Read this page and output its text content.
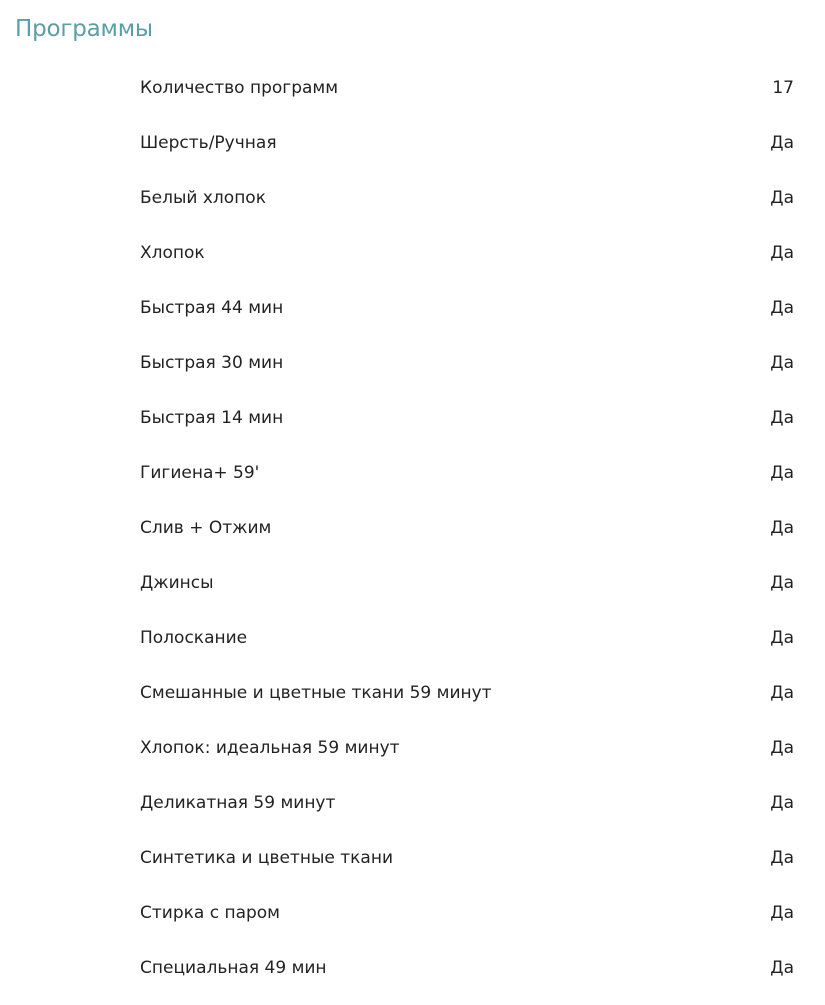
Программы
Количество программ	17
Шерсть/Ручная	Да
Белый хлопок	Да
Хлопок	Да
Быстрая 44 мин	Да
Быстрая 30 мин	Да
Быстрая 14 мин	Да
Гигиена+ 59'	Да
Слив + Отжим	Да
Джинсы	Да
Полоскание	Да
Смешанные и цветные ткани 59 минут	Да
Хлопок: идеальная 59 минут	Да
Деликатная 59 минут	Да
Синтетика и цветные ткани	Да
Стирка с паром	Да
Специальная 49 мин	Да
